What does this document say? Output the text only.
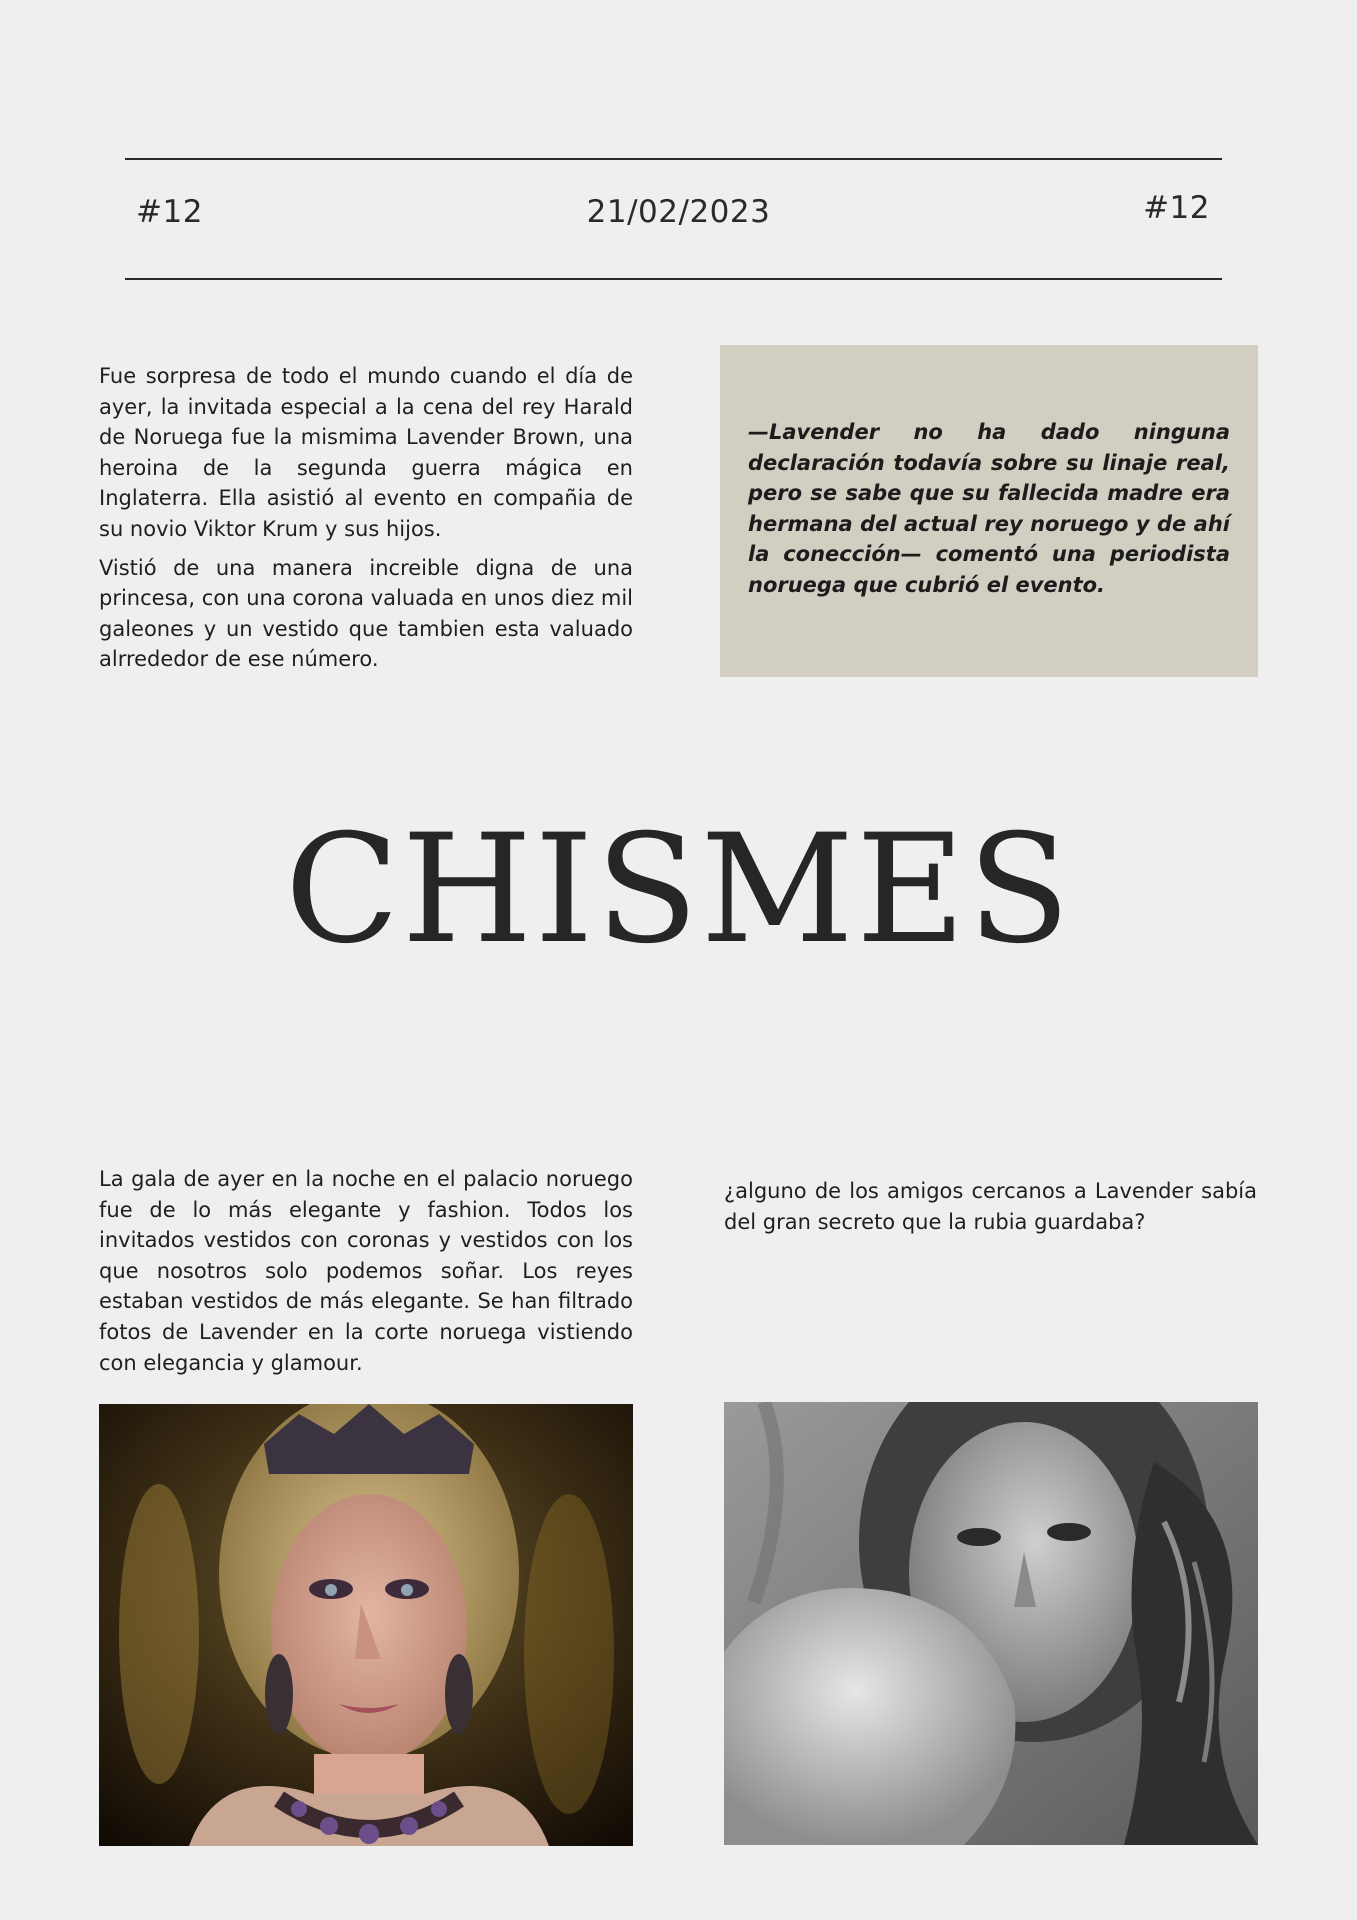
#12	21/02/2023	#12

Fue sorpresa de todo el mundo cuando el día de ayer, la invitada especial a la cena del rey Harald de Noruega fue la mismima Lavender Brown, una heroina de la segunda guerra mágica en Inglaterra. Ella asistió al evento en compañia de su novio Viktor Krum y sus hijos.

Vistió de una manera increible digna de una princesa, con una corona valuada en unos diez mil galeones y un vestido que tambien esta valuado alrrededor de ese número.

—Lavender no ha dado ninguna declaración todavía sobre su linaje real, pero se sabe que su fallecida madre era hermana del actual rey noruego y de ahí la conección— comentó una periodista noruega que cubrió el evento.
CHISMES

La gala de ayer en la noche en el palacio noruego fue de lo más elegante y fashion. Todos los invitados vestidos con coronas y vestidos con los que nosotros solo podemos soñar. Los reyes estaban vestidos de más elegante. Se han filtrado fotos de Lavender en la corte noruega vistiendo con elegancia y glamour.

¿alguno de los amigos cercanos a Lavender sabía del gran secreto que la rubia guardaba?
